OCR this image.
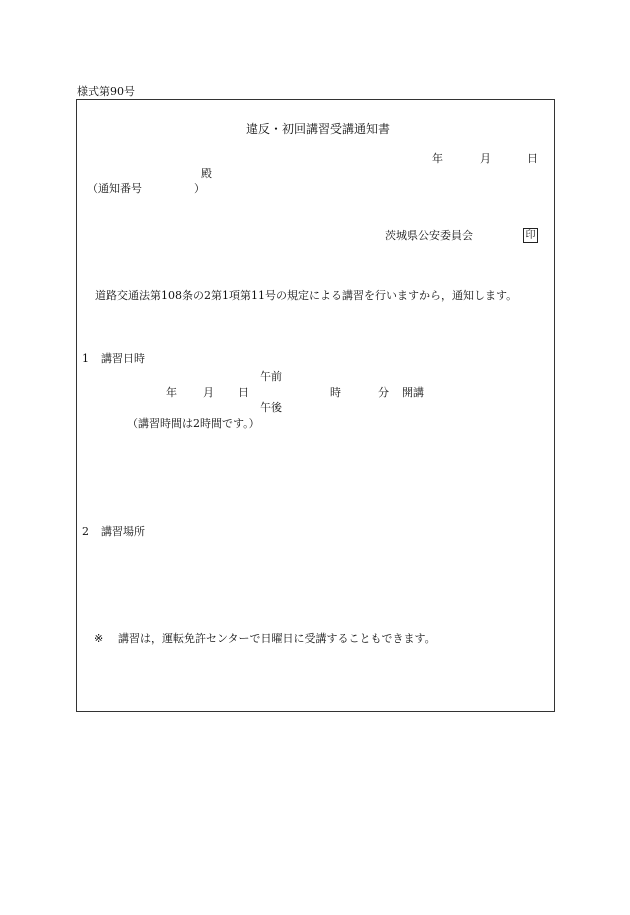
様式第90号
違反・初回講習受講通知書
年	月	日
殿
（通知番号	）
茨城県公安委員会	印
道路交通法第108条の2第1項第11号の規定による講習を行いますから，通知します。
1 講習日時
午前
年 月 日	時	分 開講
午後
（講習時間は2時間です。）
2 講習場所
※ 講習は，運転免許センターで日曜日に受講することもできます。
